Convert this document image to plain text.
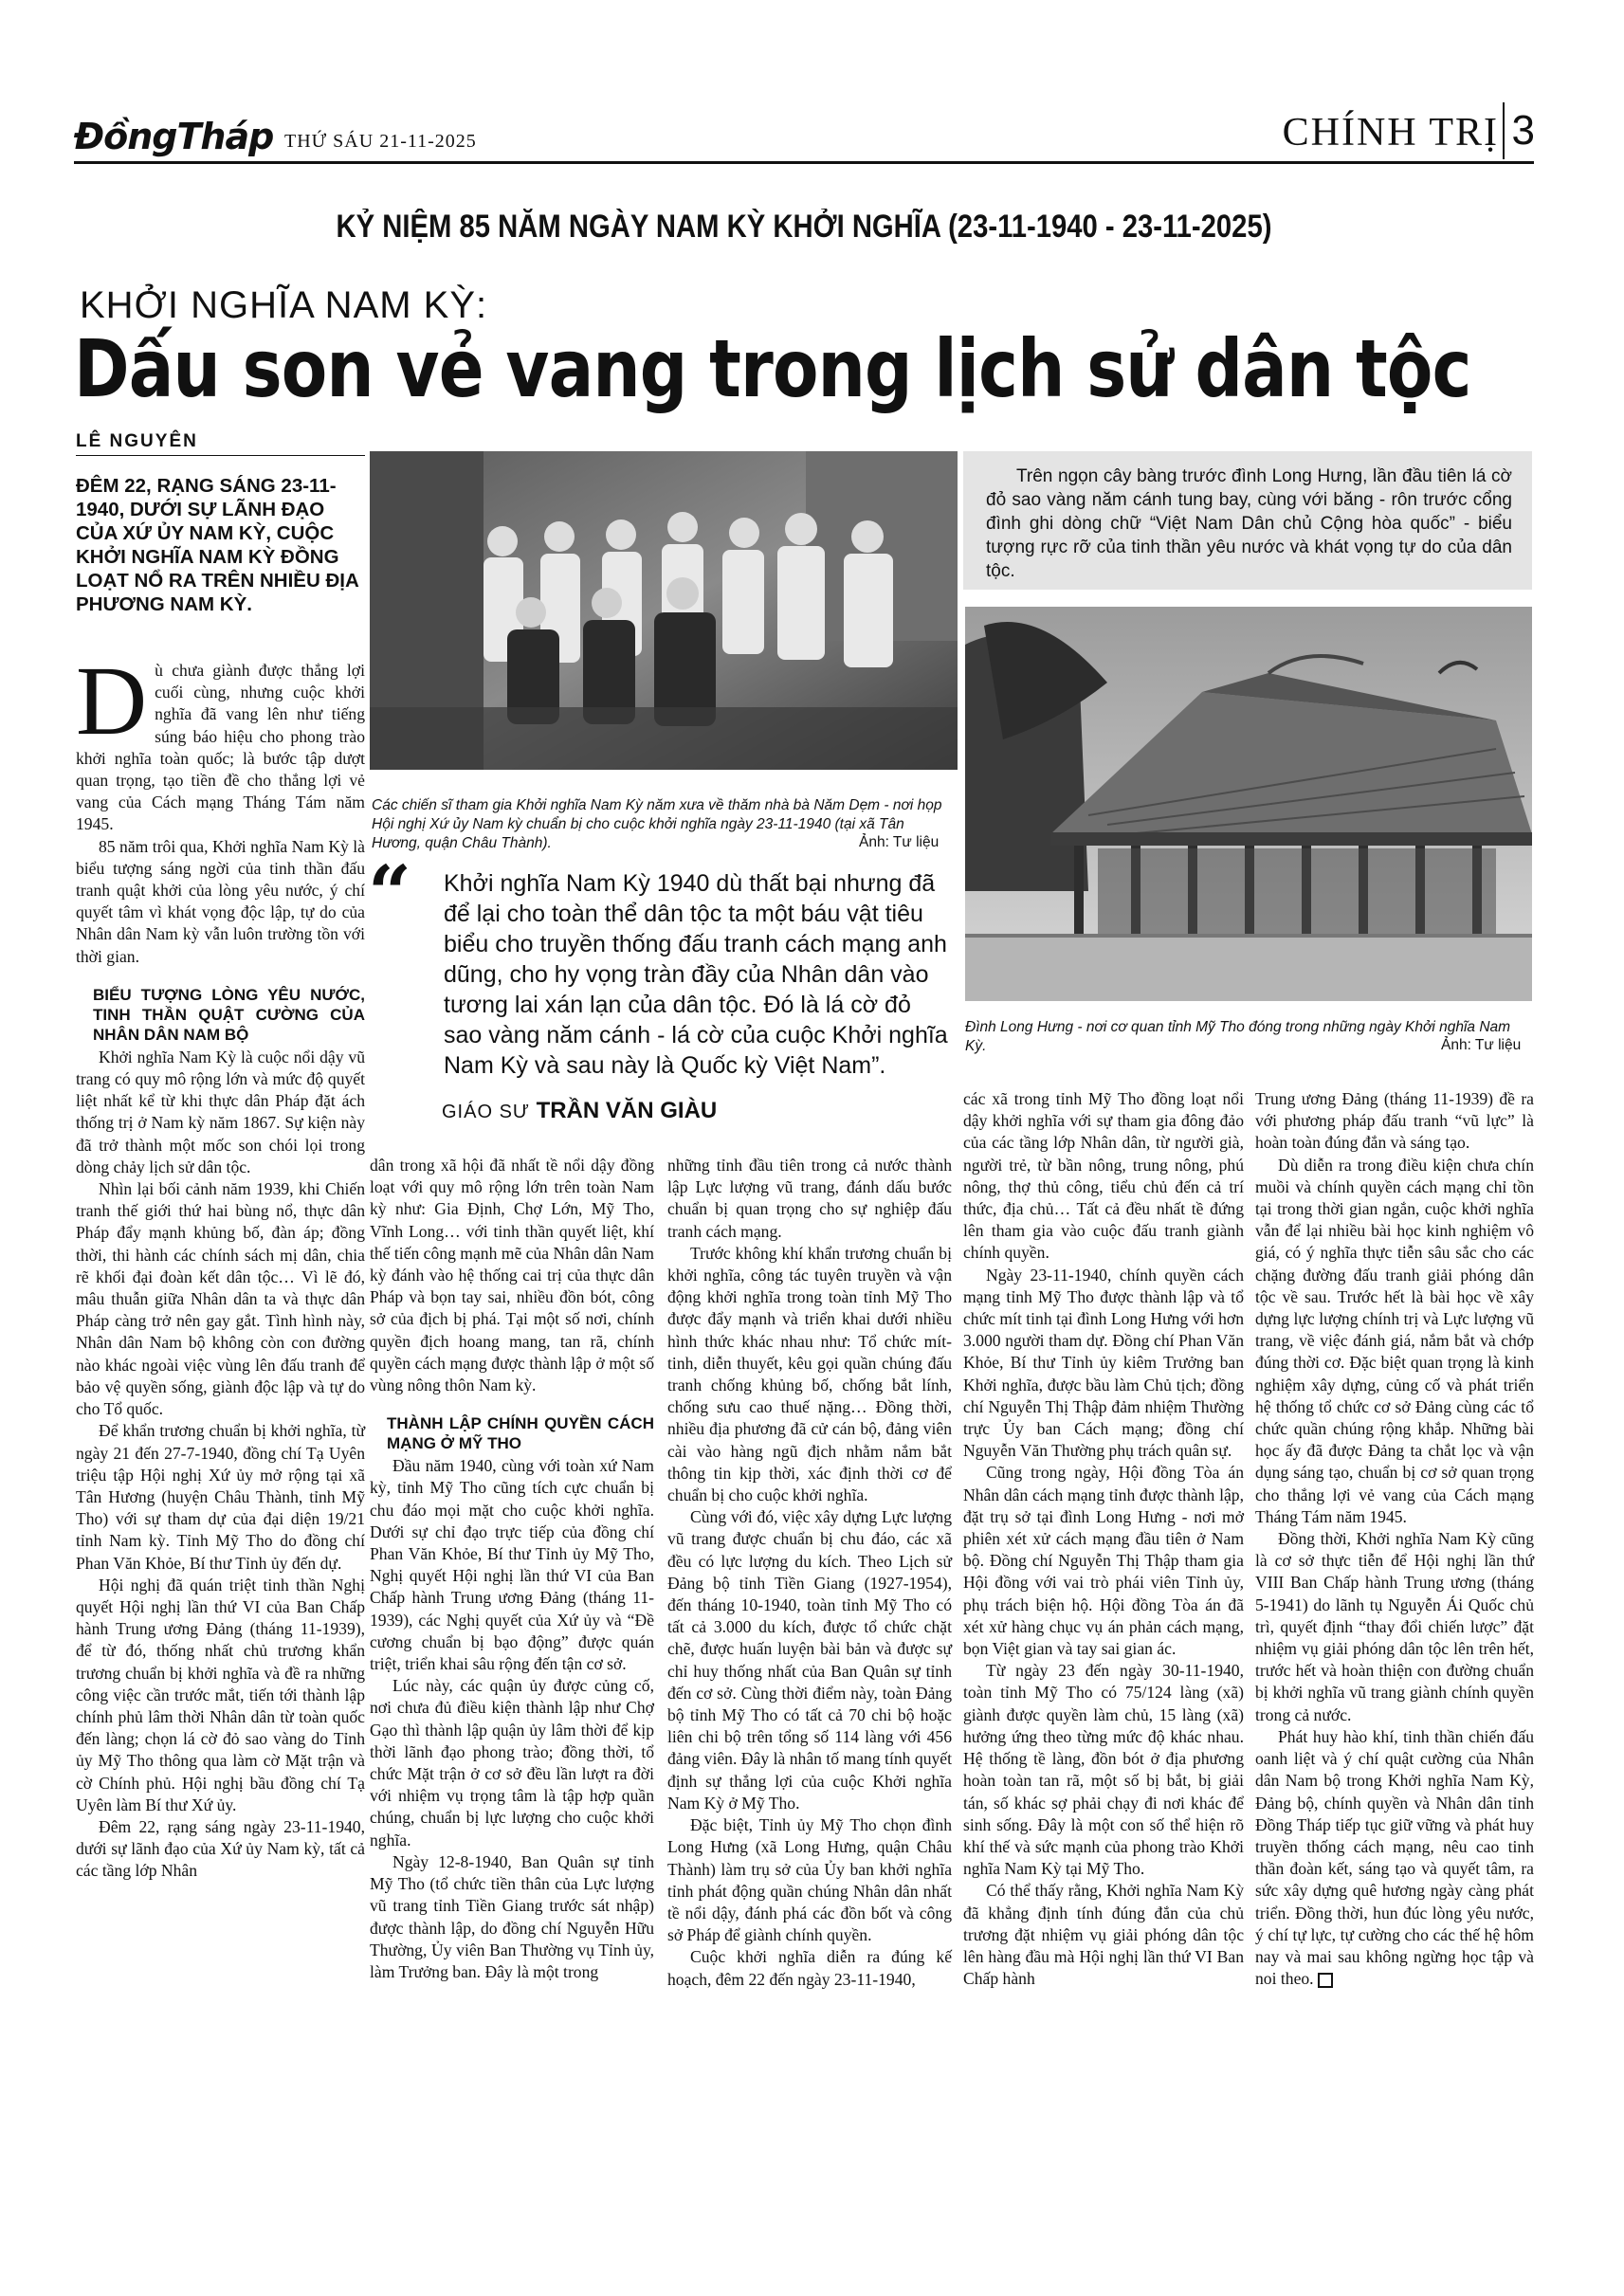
ĐồngTháp THỨ SÁU 21-11-2025	CHÍNH TRỊ 3
KỶ NIỆM 85 NĂM NGÀY NAM KỲ KHỞI NGHĨA (23-11-1940 - 23-11-2025)
KHỞI NGHĨA NAM KỲ:
Dấu son vẻ vang trong lịch sử dân tộc
LÊ NGUYÊN
ĐÊM 22, RẠNG SÁNG 23-11-1940, DƯỚI SỰ LÃNH ĐẠO CỦA XỨ ỦY NAM KỲ, CUỘC KHỞI NGHĨA NAM KỲ ĐỒNG LOẠT NỔ RA TRÊN NHIỀU ĐỊA PHƯƠNG NAM KỲ.
Các chiến sĩ tham gia Khởi nghĩa Nam Kỳ năm xưa về thăm nhà bà Năm Dẹm - nơi họp Hội nghị Xứ ủy Nam kỳ chuẩn bị cho cuộc khởi nghĩa ngày 23-11-1940 (tại xã Tân Hương, quận Châu Thành).	Ảnh: Tư liệu
Trên ngọn cây bàng trước đình Long Hưng, lần đầu tiên lá cờ đỏ sao vàng năm cánh tung bay, cùng với băng - rôn trước cổng đình ghi dòng chữ “Việt Nam Dân chủ Cộng hòa quốc” - biểu tượng rực rỡ của tinh thần yêu nước và khát vọng tự do của dân tộc.
Đình Long Hưng - nơi cơ quan tỉnh Mỹ Tho đóng trong những ngày Khởi nghĩa Nam Kỳ.	Ảnh: Tư liệu
“ Khởi nghĩa Nam Kỳ 1940 dù thất bại nhưng đã để lại cho toàn thể dân tộc ta một báu vật tiêu biểu cho truyền thống đấu tranh cách mạng anh dũng, cho hy vọng tràn đầy của Nhân dân vào tương lai xán lạn của dân tộc. Đó là lá cờ đỏ sao vàng năm cánh - lá cờ của cuộc Khởi nghĩa Nam Kỳ và sau này là Quốc kỳ Việt Nam”.
GIÁO SƯ TRẦN VĂN GIÀU

Dù chưa giành được thắng lợi cuối cùng, nhưng cuộc khởi nghĩa đã vang lên như tiếng súng báo hiệu cho phong trào khởi nghĩa toàn quốc; là bước tập dượt quan trọng, tạo tiền đề cho thắng lợi vẻ vang của Cách mạng Tháng Tám năm 1945.

85 năm trôi qua, Khởi nghĩa Nam Kỳ là biểu tượng sáng ngời của tinh thần đấu tranh quật khởi của lòng yêu nước, ý chí quyết tâm vì khát vọng độc lập, tự do của Nhân dân Nam kỳ vẫn luôn trường tồn với thời gian.

BIỂU TƯỢNG LÒNG YÊU NƯỚC, TINH THẦN QUẬT CƯỜNG CỦA NHÂN DÂN NAM BỘ

Khởi nghĩa Nam Kỳ là cuộc nổi dậy vũ trang có quy mô rộng lớn và mức độ quyết liệt nhất kể từ khi thực dân Pháp đặt ách thống trị ở Nam kỳ năm 1867. Sự kiện này đã trở thành một mốc son chói lọi trong dòng chảy lịch sử dân tộc.

Nhìn lại bối cảnh năm 1939, khi Chiến tranh thế giới thứ hai bùng nổ, thực dân Pháp đẩy mạnh khủng bố, đàn áp; đồng thời, thi hành các chính sách mị dân, chia rẽ khối đại đoàn kết dân tộc… Vì lẽ đó, mâu thuẫn giữa Nhân dân ta và thực dân Pháp càng trở nên gay gắt. Tình hình này, Nhân dân Nam bộ không còn con đường nào khác ngoài việc vùng lên đấu tranh để bảo vệ quyền sống, giành độc lập và tự do cho Tổ quốc.

Để khẩn trương chuẩn bị khởi nghĩa, từ ngày 21 đến 27-7-1940, đồng chí Tạ Uyên triệu tập Hội nghị Xứ ủy mở rộng tại xã Tân Hương (huyện Châu Thành, tỉnh Mỹ Tho) với sự tham dự của đại diện 19/21 tỉnh Nam kỳ. Tỉnh Mỹ Tho do đồng chí Phan Văn Khỏe, Bí thư Tỉnh ủy đến dự.

Hội nghị đã quán triệt tinh thần Nghị quyết Hội nghị lần thứ VI của Ban Chấp hành Trung ương Đảng (tháng 11-1939), để từ đó, thống nhất chủ trương khẩn trương chuẩn bị khởi nghĩa và đề ra những công việc cần trước mắt, tiến tới thành lập chính phủ lâm thời Nhân dân từ toàn quốc đến làng; chọn lá cờ đỏ sao vàng do Tỉnh ủy Mỹ Tho thông qua làm cờ Mặt trận và cờ Chính phủ. Hội nghị bầu đồng chí Tạ Uyên làm Bí thư Xứ ủy.

Đêm 22, rạng sáng ngày 23-11-1940, dưới sự lãnh đạo của Xứ ủy Nam kỳ, tất cả các tầng lớp Nhân

dân trong xã hội đã nhất tề nổi dậy đồng loạt với quy mô rộng lớn trên toàn Nam kỳ như: Gia Định, Chợ Lớn, Mỹ Tho, Vĩnh Long… với tinh thần quyết liệt, khí thế tiến công mạnh mẽ của Nhân dân Nam kỳ đánh vào hệ thống cai trị của thực dân Pháp và bọn tay sai, nhiều đồn bót, công sở của địch bị phá. Tại một số nơi, chính quyền địch hoang mang, tan rã, chính quyền cách mạng được thành lập ở một số vùng nông thôn Nam kỳ.

THÀNH LẬP CHÍNH QUYỀN CÁCH MẠNG Ở MỸ THO

Đầu năm 1940, cùng với toàn xứ Nam kỳ, tỉnh Mỹ Tho cũng tích cực chuẩn bị chu đáo mọi mặt cho cuộc khởi nghĩa. Dưới sự chỉ đạo trực tiếp của đồng chí Phan Văn Khỏe, Bí thư Tỉnh ủy Mỹ Tho, Nghị quyết Hội nghị lần thứ VI của Ban Chấp hành Trung ương Đảng (tháng 11-1939), các Nghị quyết của Xứ ủy và “Đề cương chuẩn bị bạo động” được quán triệt, triển khai sâu rộng đến tận cơ sở.

Lúc này, các quận ủy được củng cố, nơi chưa đủ điều kiện thành lập như Chợ Gạo thì thành lập quận ủy lâm thời để kịp thời lãnh đạo phong trào; đồng thời, tổ chức Mặt trận ở cơ sở đều lần lượt ra đời với nhiệm vụ trọng tâm là tập hợp quần chúng, chuẩn bị lực lượng cho cuộc khởi nghĩa.

Ngày 12-8-1940, Ban Quân sự tỉnh Mỹ Tho (tổ chức tiền thân của Lực lượng vũ trang tỉnh Tiền Giang trước sát nhập) được thành lập, do đồng chí Nguyễn Hữu Thường, Ủy viên Ban Thường vụ Tỉnh ủy, làm Trưởng ban. Đây là một trong

những tỉnh đầu tiên trong cả nước thành lập Lực lượng vũ trang, đánh dấu bước chuẩn bị quan trọng cho sự nghiệp đấu tranh cách mạng.

Trước không khí khẩn trương chuẩn bị khởi nghĩa, công tác tuyên truyền và vận động khởi nghĩa trong toàn tỉnh Mỹ Tho được đẩy mạnh và triển khai dưới nhiều hình thức khác nhau như: Tổ chức mít-tinh, diễn thuyết, kêu gọi quần chúng đấu tranh chống khủng bố, chống bắt lính, chống sưu cao thuế nặng… Đồng thời, nhiều địa phương đã cử cán bộ, đảng viên cài vào hàng ngũ địch nhằm nắm bắt thông tin kịp thời, xác định thời cơ để chuẩn bị cho cuộc khởi nghĩa.

Cùng với đó, việc xây dựng Lực lượng vũ trang được chuẩn bị chu đáo, các xã đều có lực lượng du kích. Theo Lịch sử Đảng bộ tỉnh Tiền Giang (1927-1954), đến tháng 10-1940, toàn tỉnh Mỹ Tho có tất cả 3.000 du kích, được tổ chức chặt chẽ, được huấn luyện bài bản và được sự chỉ huy thống nhất của Ban Quân sự tỉnh đến cơ sở. Cùng thời điểm này, toàn Đảng bộ tỉnh Mỹ Tho có tất cả 70 chi bộ hoặc liên chi bộ trên tổng số 114 làng với 456 đảng viên. Đây là nhân tố mang tính quyết định sự thắng lợi của cuộc Khởi nghĩa Nam Kỳ ở Mỹ Tho.

Đặc biệt, Tỉnh ủy Mỹ Tho chọn đình Long Hưng (xã Long Hưng, quận Châu Thành) làm trụ sở của Ủy ban khởi nghĩa tỉnh phát động quần chúng Nhân dân nhất tề nổi dậy, đánh phá các đồn bốt và công sở Pháp để giành chính quyền.

Cuộc khởi nghĩa diễn ra đúng kế hoạch, đêm 22 đến ngày 23-11-1940,

các xã trong tỉnh Mỹ Tho đồng loạt nổi dậy khởi nghĩa với sự tham gia đông đảo của các tầng lớp Nhân dân, từ người già, người trẻ, từ bần nông, trung nông, phú nông, thợ thủ công, tiểu chủ đến cả trí thức, địa chủ… Tất cả đều nhất tề đứng lên tham gia vào cuộc đấu tranh giành chính quyền.

Ngày 23-11-1940, chính quyền cách mạng tỉnh Mỹ Tho được thành lập và tổ chức mít tinh tại đình Long Hưng với hơn 3.000 người tham dự. Đồng chí Phan Văn Khỏe, Bí thư Tỉnh ủy kiêm Trưởng ban Khởi nghĩa, được bầu làm Chủ tịch; đồng chí Nguyễn Thị Thập đảm nhiệm Thường trực Ủy ban Cách mạng; đồng chí Nguyễn Văn Thường phụ trách quân sự.

Cũng trong ngày, Hội đồng Tòa án Nhân dân cách mạng tỉnh được thành lập, đặt trụ sở tại đình Long Hưng - nơi mở phiên xét xử cách mạng đầu tiên ở Nam bộ. Đồng chí Nguyễn Thị Thập tham gia Hội đồng với vai trò phái viên Tỉnh ủy, phụ trách biện hộ. Hội đồng Tòa án đã xét xử hàng chục vụ án phản cách mạng, bọn Việt gian và tay sai gian ác.

Từ ngày 23 đến ngày 30-11-1940, toàn tỉnh Mỹ Tho có 75/124 làng (xã) giành được quyền làm chủ, 15 làng (xã) hưởng ứng theo từng mức độ khác nhau. Hệ thống tề làng, đồn bót ở địa phương hoàn toàn tan rã, một số bị bắt, bị giải tán, số khác sợ phải chạy đi nơi khác để sinh sống. Đây là một con số thể hiện rõ khí thế và sức mạnh của phong trào Khởi nghĩa Nam Kỳ tại Mỹ Tho.

Có thể thấy rằng, Khởi nghĩa Nam Kỳ đã khẳng định tính đúng đắn của chủ trương đặt nhiệm vụ giải phóng dân tộc lên hàng đầu mà Hội nghị lần thứ VI Ban Chấp hành

Trung ương Đảng (tháng 11-1939) đề ra với phương pháp đấu tranh “vũ lực” là hoàn toàn đúng đắn và sáng tạo.

Dù diễn ra trong điều kiện chưa chín muồi và chính quyền cách mạng chỉ tồn tại trong thời gian ngắn, cuộc khởi nghĩa vẫn để lại nhiều bài học kinh nghiệm vô giá, có ý nghĩa thực tiễn sâu sắc cho các chặng đường đấu tranh giải phóng dân tộc về sau. Trước hết là bài học về xây dựng lực lượng chính trị và Lực lượng vũ trang, về việc đánh giá, nắm bắt và chớp đúng thời cơ. Đặc biệt quan trọng là kinh nghiệm xây dựng, củng cố và phát triển hệ thống tổ chức cơ sở Đảng cùng các tổ chức quần chúng rộng khắp. Những bài học ấy đã được Đảng ta chắt lọc và vận dụng sáng tạo, chuẩn bị cơ sở quan trọng cho thắng lợi vẻ vang của Cách mạng Tháng Tám năm 1945.

Đồng thời, Khởi nghĩa Nam Kỳ cũng là cơ sở thực tiễn để Hội nghị lần thứ VIII Ban Chấp hành Trung ương (tháng 5-1941) do lãnh tụ Nguyễn Ái Quốc chủ trì, quyết định “thay đổi chiến lược” đặt nhiệm vụ giải phóng dân tộc lên trên hết, trước hết và hoàn thiện con đường chuẩn bị khởi nghĩa vũ trang giành chính quyền trong cả nước.

Phát huy hào khí, tinh thần chiến đấu oanh liệt và ý chí quật cường của Nhân dân Nam bộ trong Khởi nghĩa Nam Kỳ, Đảng bộ, chính quyền và Nhân dân tỉnh Đồng Tháp tiếp tục giữ vững và phát huy truyền thống cách mạng, nêu cao tinh thần đoàn kết, sáng tạo và quyết tâm, ra sức xây dựng quê hương ngày càng phát triển. Đồng thời, hun đúc lòng yêu nước, ý chí tự lực, tự cường cho các thế hệ hôm nay và mai sau không ngừng học tập và noi theo.
